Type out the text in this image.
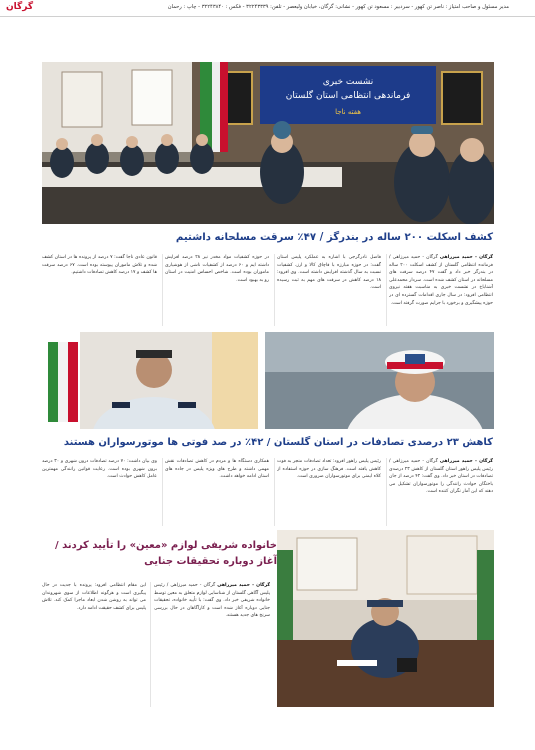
مدیر مسئول و صاحب امتیاز : ناصر تن کهور - سردبیر : مسعود تن کهور - نشانی: گرگان، خیابان ولیعصر - تلفن: ۳۲۲۴۳۳۳۹ - فکس : ۳۲۲۴۳۸۴۰ - چاپ : رحمان
گرگان
نشست خبری
فرماندهی انتظامی استان گلستان
هفته ناجا
کشف اسکلت ۲۰۰ ساله در بندرگز / ۴۷٪ سرقت مسلحانه داشتیم
گرگان - حمید میرزاهی گرگان - حمید میرزاهی / فرمانده انتظامی گلستان از کشف اسکلت ۲۰۰ ساله در بندرگز خبر داد و گفت ۴۷ درصد سرقت های مسلحانه در استان کشف شده است. سردار محمدعلی آشناباخ در نشست خبری به مناسبت هفته نیروی انتظامی افزود: در سال جاری اقدامات گسترده ای در حوزه پیشگیری و برخورد با جرایم صورت گرفته است.
فاضل نادرگرجی با اشاره به عملکرد پلیس استان گفت: در حوزه مبارزه با قاچاق کالا و ارز، کشفیات نسبت به سال گذشته افزایش داشته است. وی افزود: ۱۸ درصد کاهش در سرقت های مهم به ثبت رسیده است.
در حوزه کشفیات مواد مخدر نیز ۲۸ درصد افزایش داشته ایم و ۶۰ درصد از کشفیات ناشی از هوشیاری ماموران بوده است. شاخص احساس امنیت در استان رو به بهبود است.
قانون عادی ناجا گفت: ۷ درصد از پرونده ها در استان کشف شده و تلاش ماموران پیوسته بوده است. ۶۷ درصد سرقت ها کشف و ۱۷ درصد کاهش تصادفات داشتیم.
کاهش ۲۳ درصدی تصادفات در استان گلستان / ۴۲٪ در صد فوتی ها موتورسواران هستند
گرگان - حمید میرزاهی گرگان - حمید میرزاهی / رئیس پلیس راهور استان گلستان از کاهش ۲۳ درصدی تصادفات در استان خبر داد. وی گفت: ۴۲ درصد از جان باختگان حوادث رانندگی را موتورسواران تشکیل می دهند که این آمار نگران کننده است.
رئیس پلیس راهور افزود: تعداد تصادفات منجر به فوت کاهش یافته است. فرهنگ سازی در حوزه استفاده از کلاه ایمنی برای موتورسواران ضروری است.
همکاری دستگاه ها و مردم در کاهش تصادفات نقش مهمی داشته و طرح های ویژه پلیس در جاده های استان ادامه خواهد داشت.
وی بیان داشت: ۷۰ درصد تصادفات درون شهری و ۳۰ درصد برون شهری بوده است. رعایت قوانین رانندگی مهمترین عامل کاهش حوادث است.
خانواده شریفی لوازم «معین» را تأیید کردند / آغاز دوباره تحقیقات جنایی
گرگان - حمید میرزاهی گرگان - حمید میرزاهی / رئیس پلیس آگاهی گلستان از شناسایی لوازم متعلق به معین توسط خانواده شریفی خبر داد. وی گفت: با تأیید خانواده، تحقیقات جنایی دوباره آغاز شده است و کارآگاهان در حال بررسی سرنخ های جدید هستند.
این مقام انتظامی افزود: پرونده با جدیت در حال پیگیری است و هرگونه اطلاعات از سوی شهروندان می تواند به روشن شدن ابعاد ماجرا کمک کند. تلاش پلیس برای کشف حقیقت ادامه دارد.
